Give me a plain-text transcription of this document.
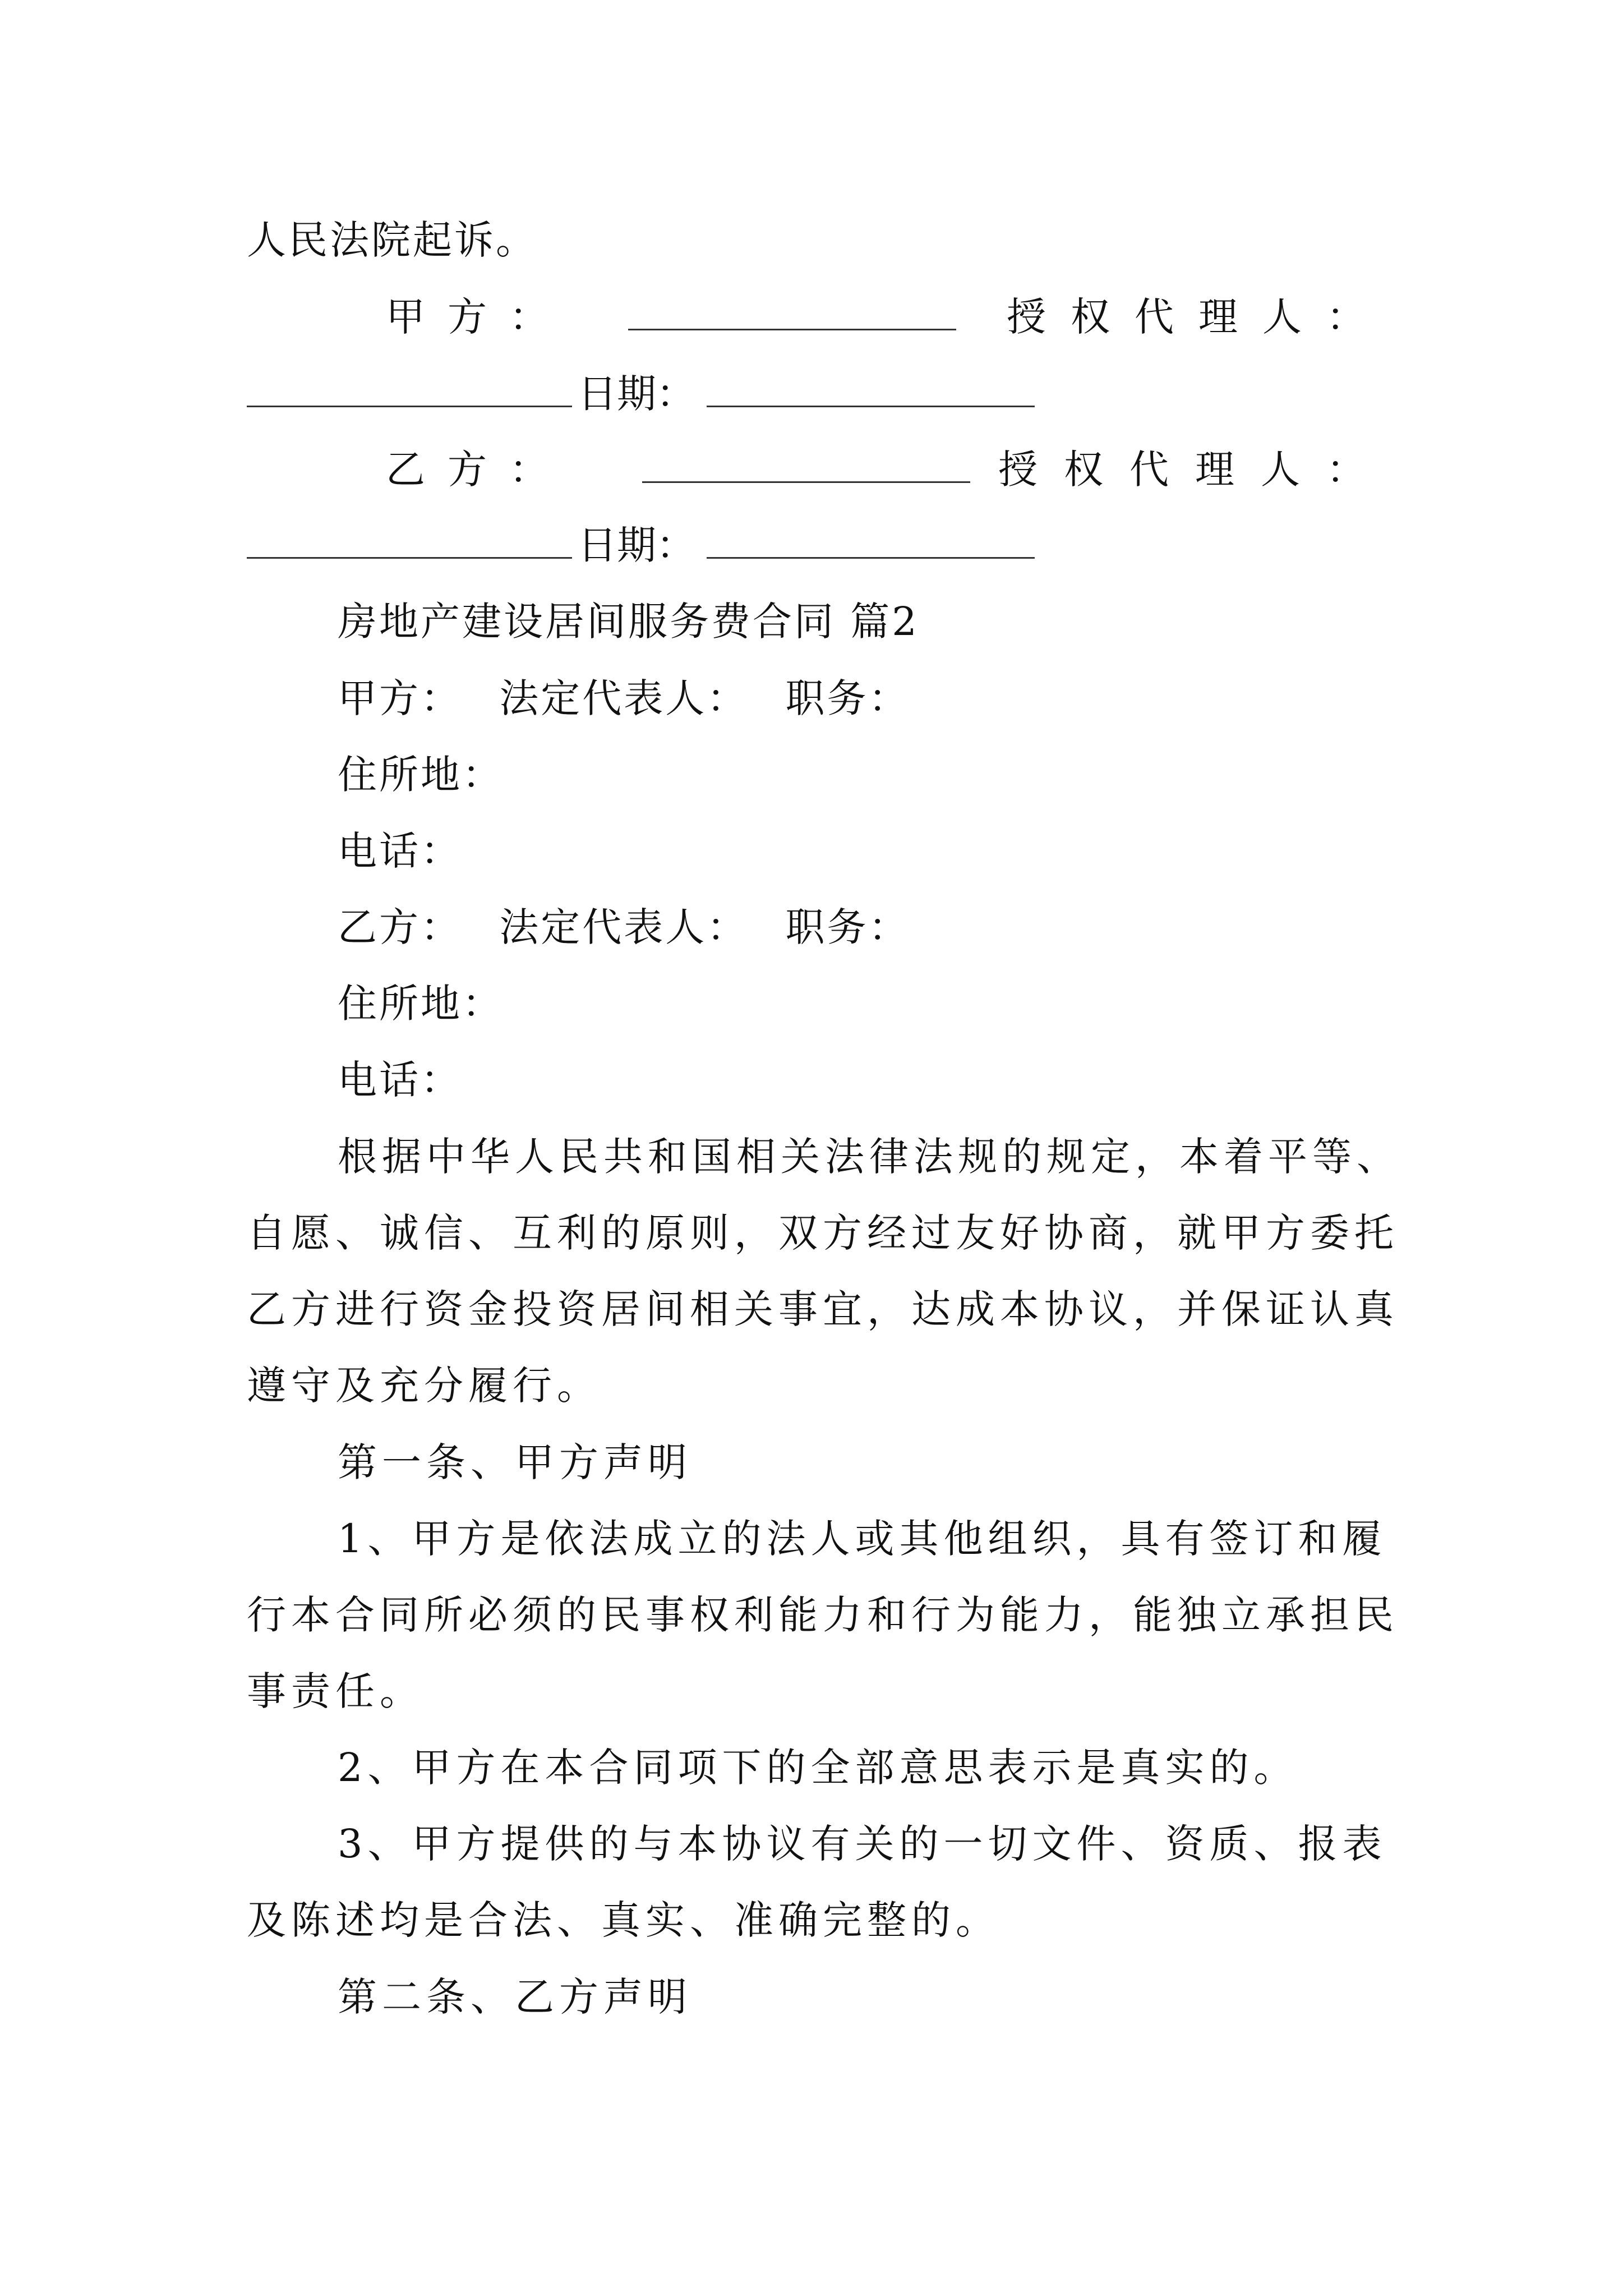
人民法院起诉。
甲 方 ：	授 权 代 理 人 ：
日期：
乙 方 ：	授 权 代 理 人 ：
日期：
房地产建设居间服务费合同 篇2
甲方： 法定代表人： 职务：
住所地：
电话：
乙方： 法定代表人： 职务：
住所地：
电话：
根据中华人民共和国相关法律法规的规定，本着平等、
自愿、诚信、互利的原则，双方经过友好协商，就甲方委托
乙方进行资金投资居间相关事宜，达成本协议，并保证认真
遵守及充分履行。
第一条、甲方声明
1、甲方是依法成立的法人或其他组织，具有签订和履
行本合同所必须的民事权利能力和行为能力，能独立承担民
事责任。
2、甲方在本合同项下的全部意思表示是真实的。
3、甲方提供的与本协议有关的一切文件、资质、报表
及陈述均是合法、真实、准确完整的。
第二条、乙方声明
